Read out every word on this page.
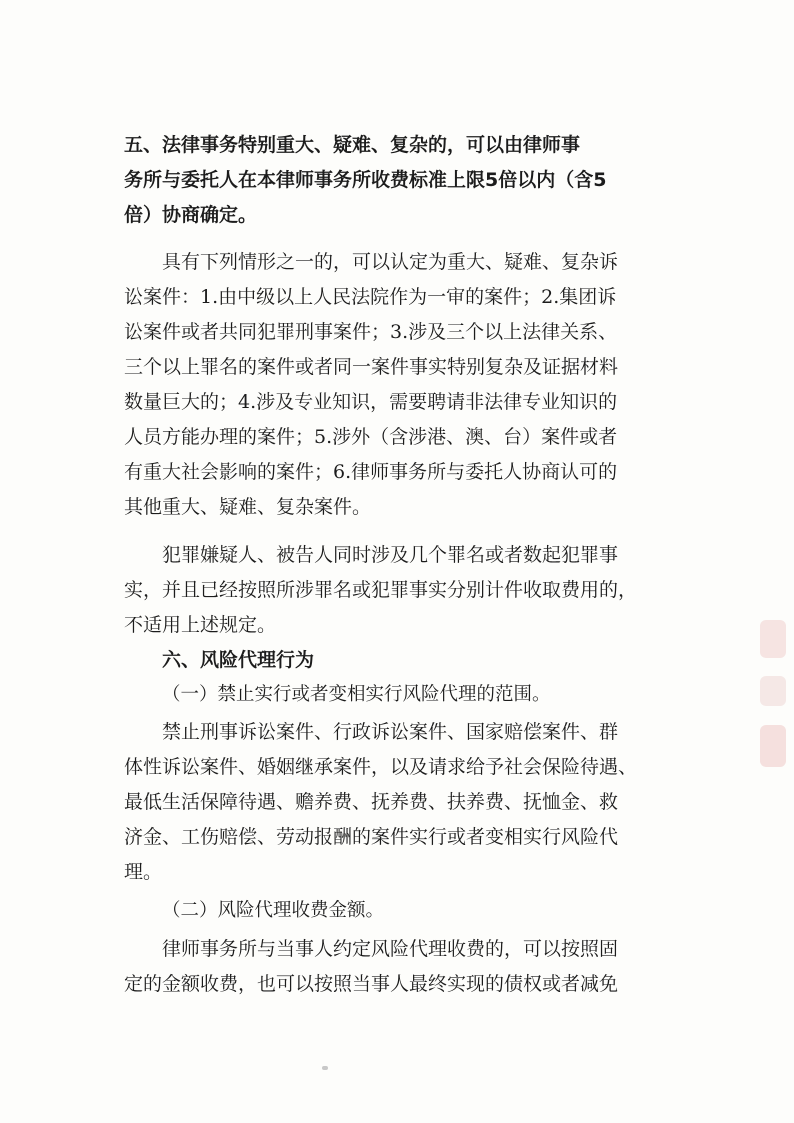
五、法律事务特别重大、疑难、复杂的，可以由律师事
务所与委托人在本律师事务所收费标准上限5倍以内（含5
倍）协商确定。
具有下列情形之一的，可以认定为重大、疑难、复杂诉
讼案件：1.由中级以上人民法院作为一审的案件；2.集团诉
讼案件或者共同犯罪刑事案件；3.涉及三个以上法律关系、
三个以上罪名的案件或者同一案件事实特别复杂及证据材料
数量巨大的；4.涉及专业知识，需要聘请非法律专业知识的
人员方能办理的案件；5.涉外（含涉港、澳、台）案件或者
有重大社会影响的案件；6.律师事务所与委托人协商认可的
其他重大、疑难、复杂案件。
犯罪嫌疑人、被告人同时涉及几个罪名或者数起犯罪事
实，并且已经按照所涉罪名或犯罪事实分别计件收取费用的，
不适用上述规定。
六、风险代理行为
（一）禁止实行或者变相实行风险代理的范围。
禁止刑事诉讼案件、行政诉讼案件、国家赔偿案件、群
体性诉讼案件、婚姻继承案件，以及请求给予社会保险待遇、
最低生活保障待遇、赡养费、抚养费、扶养费、抚恤金、救
济金、工伤赔偿、劳动报酬的案件实行或者变相实行风险代
理。
（二）风险代理收费金额。
律师事务所与当事人约定风险代理收费的，可以按照固
定的金额收费，也可以按照当事人最终实现的债权或者减免
